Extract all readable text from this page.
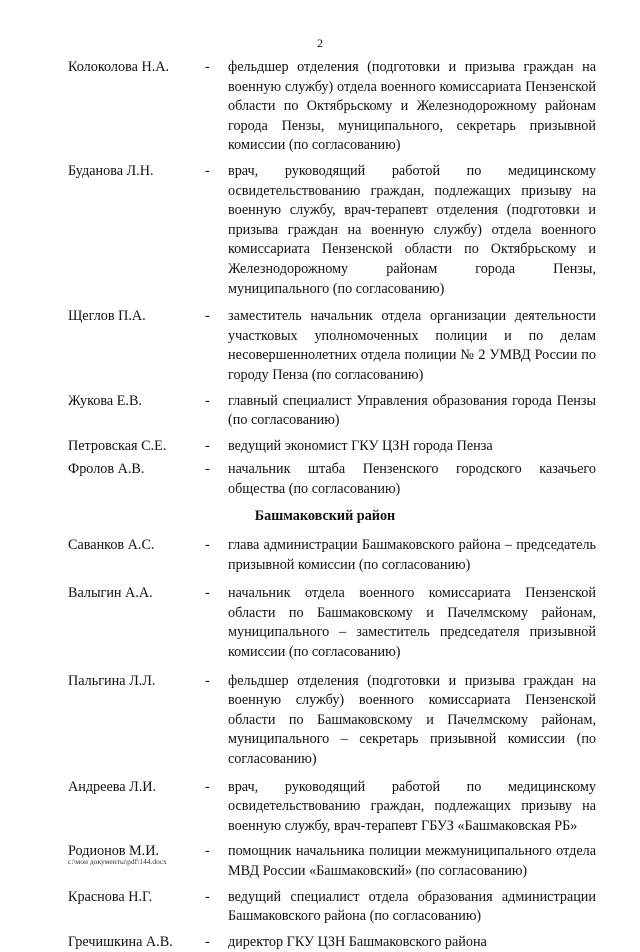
2
Колоколова Н.А.	- фельдшер отделения (подготовки и призыва граждан на военную службу) отдела военного комиссариата Пензенской области по Октябрьскому и Железнодорожному районам города Пензы, муниципального, секретарь призывной комиссии (по согласованию)
Буданова Л.Н.	- врач, руководящий работой по медицинскому освидетельствованию граждан, подлежащих призыву на военную службу, врач-терапевт отделения (подготовки и призыва граждан на военную службу) отдела военного комиссариата Пензенской области по Октябрьскому и Железнодорожному районам города Пензы, муниципального (по согласованию)
Щеглов П.А.	- заместитель начальник отдела организации деятельности участковых уполномоченных полиции и по делам несовершеннолетних отдела полиции № 2 УМВД России по городу Пенза (по согласованию)
Жукова Е.В.	- главный специалист Управления образования города Пензы (по согласованию)
Петровская С.Е.	- ведущий экономист ГКУ ЦЗН города Пенза
Фролов А.В.	- начальник штаба Пензенского городского казачьего общества (по согласованию)
Башмаковский район
Саванков А.С.	- глава администрации Башмаковского района – председатель призывной комиссии (по согласованию)
Валыгин А.А.	- начальник отдела военного комиссариата Пензенской области по Башмаковскому и Пачелмскому районам, муниципального – заместитель председателя призывной комиссии (по согласованию)
Пальгина Л.Л.	- фельдшер отделения (подготовки и призыва граждан на военную службу) военного комиссариата Пензенской области по Башмаковскому и Пачелмскому районам, муниципального – секретарь призывной комиссии (по согласованию)
Андреева Л.И.	- врач, руководящий работой по медицинскому освидетельствованию граждан, подлежащих призыву на военную службу, врач-терапевт ГБУЗ «Башмаковская РБ»
Родионов М.И.	- помощник начальника полиции межмуниципального отдела МВД России «Башмаковский» (по согласованию)
Краснова Н.Г.	- ведущий специалист отдела образования администрации Башмаковского района (по согласованию)
Гречишкина А.В. - директор ГКУ ЦЗН Башмаковского района
c:\мои документы\pdf\144.docx
